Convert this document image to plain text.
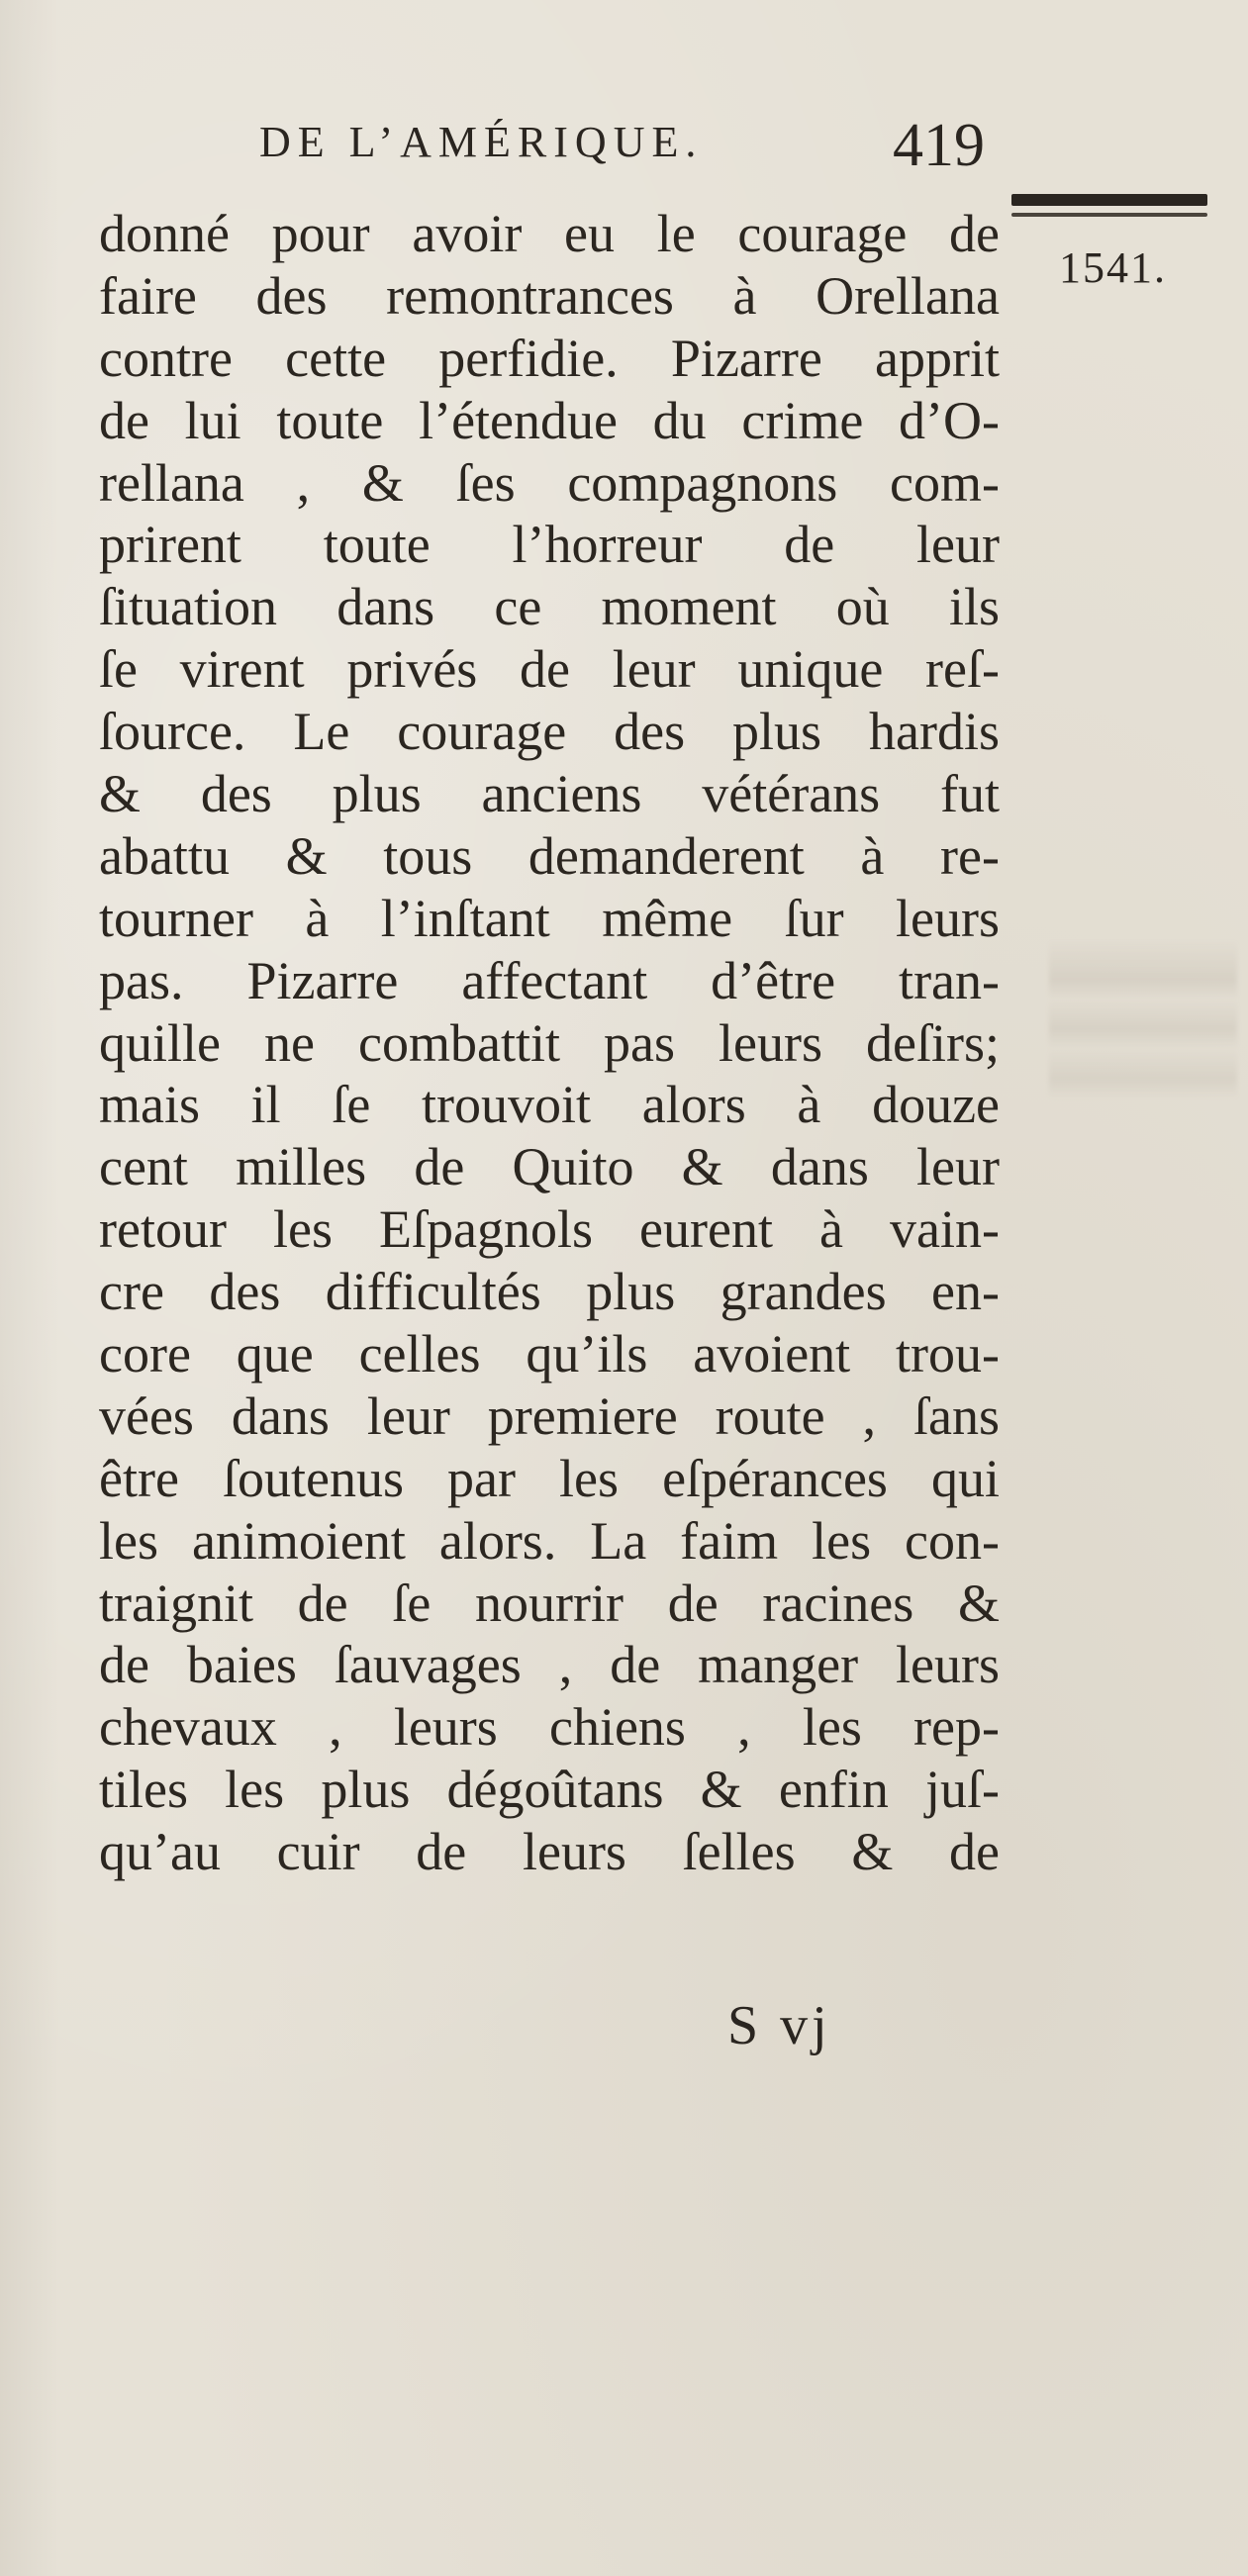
DE L’AMÉRIQUE.	419
1541.
donné pour avoir eu le courage de
faire des remontrances à Orellana
contre cette perfidie. Pizarre apprit
de lui toute l’étendue du crime d’O-
rellana , & ſes compagnons com-
prirent toute l’horreur de leur
ſituation dans ce moment où ils
ſe virent privés de leur unique reſ-
ſource. Le courage des plus hardis
& des plus anciens vétérans fut
abattu & tous demanderent à re-
tourner à l’inſtant même ſur leurs
pas. Pizarre affectant d’être tran-
quille ne combattit pas leurs deſirs;
mais il ſe trouvoit alors à douze
cent milles de Quito & dans leur
retour les Eſpagnols eurent à vain-
cre des difficultés plus grandes en-
core que celles qu’ils avoient trou-
vées dans leur premiere route , ſans
être ſoutenus par les eſpérances qui
les animoient alors. La faim les con-
traignit de ſe nourrir de racines &
de baies ſauvages , de manger leurs
chevaux , leurs chiens , les rep-
tiles les plus dégoûtans & enfin juſ-
qu’au cuir de leurs ſelles & de
S vj
